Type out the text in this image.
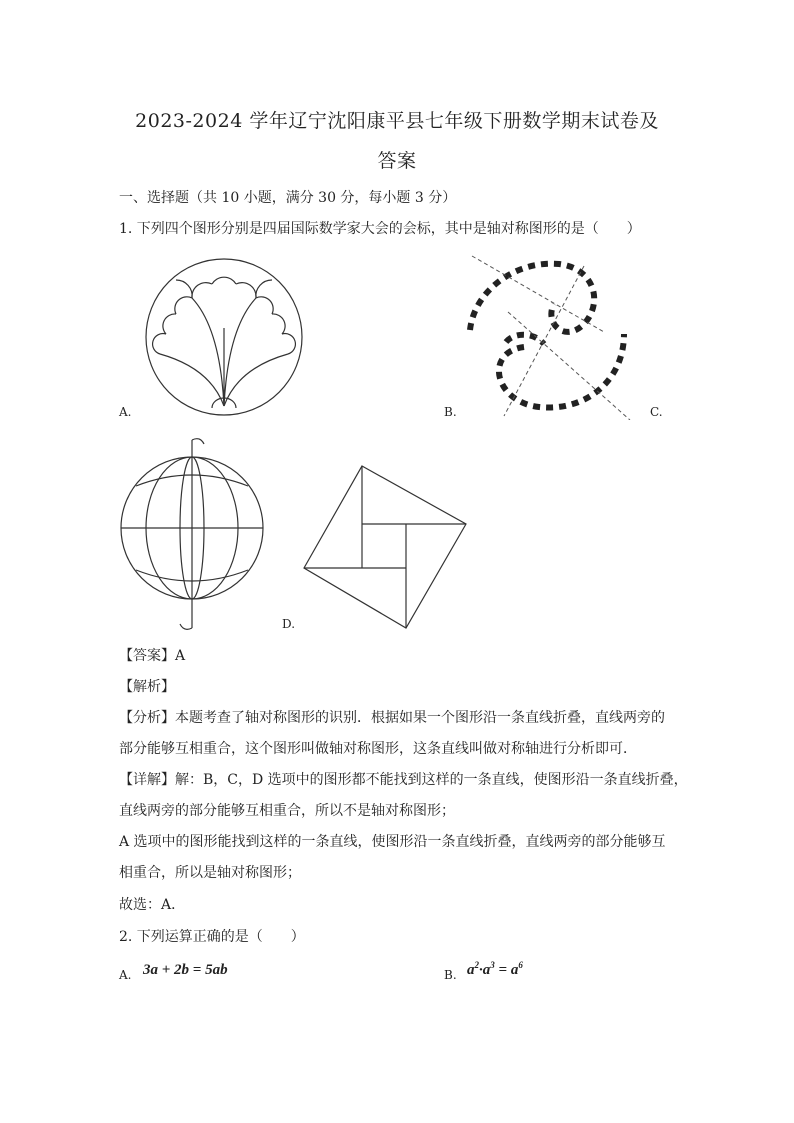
2023-2024 学年辽宁沈阳康平县七年级下册数学期末试卷及
答案
一、选择题（共 10 小题，满分 30 分，每小题 3 分）
1. 下列四个图形分别是四届国际数学家大会的会标，其中是轴对称图形的是（　　）
A.	B.	C.
D.
【答案】A
【解析】
【分析】本题考查了轴对称图形的识别．根据如果一个图形沿一条直线折叠，直线两旁的
部分能够互相重合，这个图形叫做轴对称图形，这条直线叫做对称轴进行分析即可．
【详解】解：B，C，D 选项中的图形都不能找到这样的一条直线，使图形沿一条直线折叠，
直线两旁的部分能够互相重合，所以不是轴对称图形；
A 选项中的图形能找到这样的一条直线，使图形沿一条直线折叠，直线两旁的部分能够互
相重合，所以是轴对称图形；
故选：A．
2. 下列运算正确的是（　　）
A. 3a + 2b = 5ab	B. $a^2\cdot a^3 = a^6$
